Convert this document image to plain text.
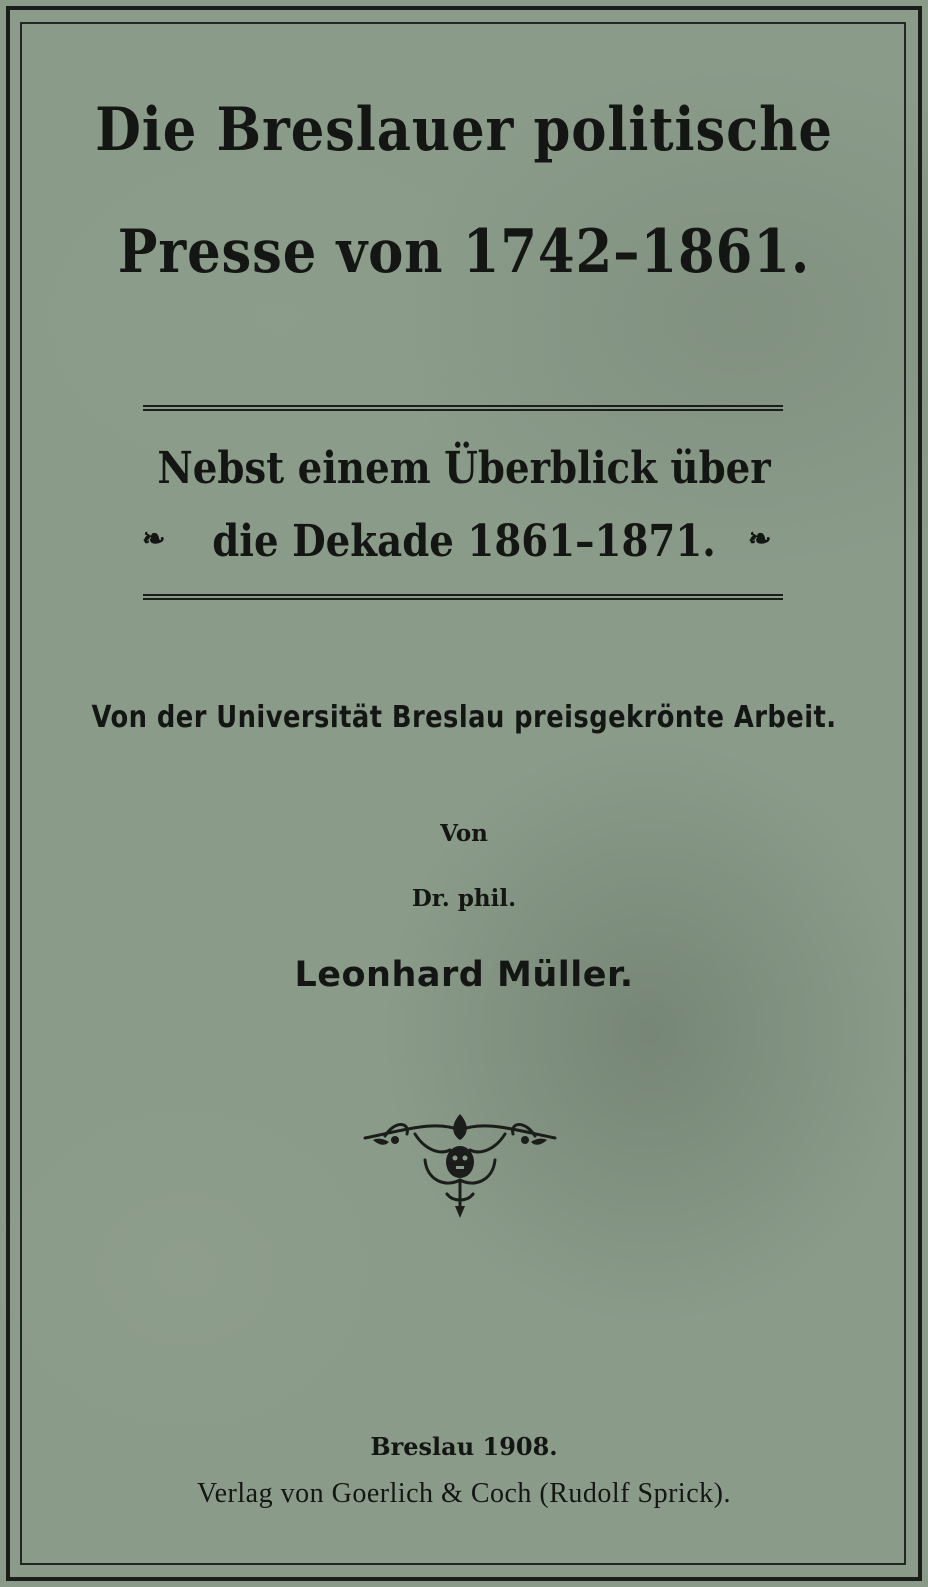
Die Breslauer politische
Presse von 1742–1861.
Nebst einem Überblick über
❧	die Dekade 1861–1871.	❧
Von der Universität Breslau preisgekrönte Arbeit.
Von
Dr. phil.
Leonhard Müller.
Breslau 1908.
Verlag von Goerlich & Coch (Rudolf Sprick).
